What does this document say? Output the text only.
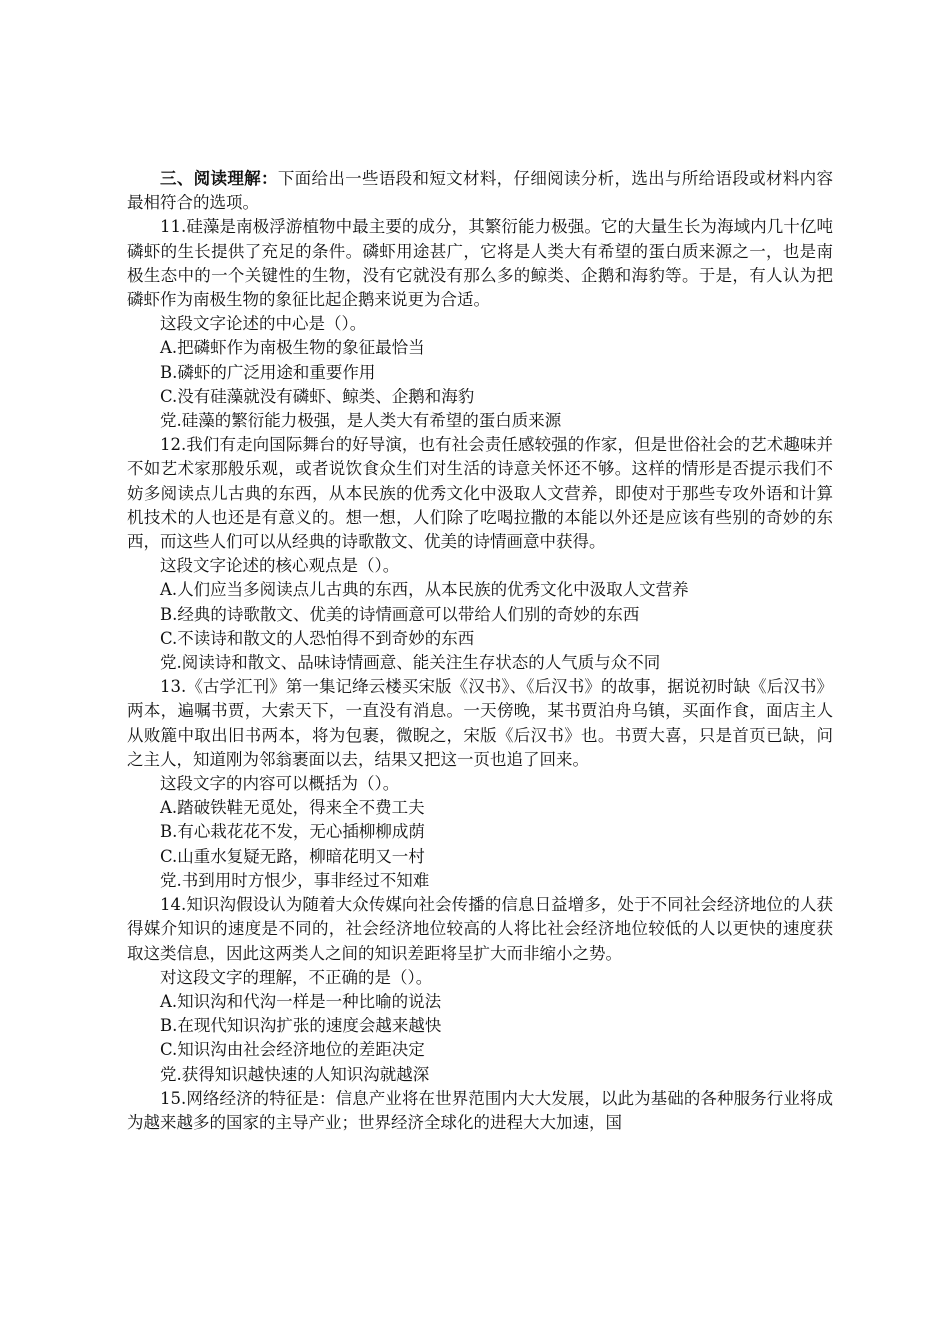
三、阅读理解：下面给出一些语段和短文材料，仔细阅读分析，选出与所给语段或材料内容最相符合的选项。

11.硅藻是南极浮游植物中最主要的成分，其繁衍能力极强。它的大量生长为海域内几十亿吨磷虾的生长提供了充足的条件。磷虾用途甚广，它将是人类大有希望的蛋白质来源之一，也是南极生态中的一个关键性的生物，没有它就没有那么多的鲸类、企鹅和海豹等。于是，有人认为把磷虾作为南极生物的象征比起企鹅来说更为合适。

这段文字论述的中心是（）。

A.把磷虾作为南极生物的象征最恰当

B.磷虾的广泛用途和重要作用

C.没有硅藻就没有磷虾、鲸类、企鹅和海豹

党.硅藻的繁衍能力极强，是人类大有希望的蛋白质来源

12.我们有走向国际舞台的好导演，也有社会责任感较强的作家，但是世俗社会的艺术趣味并不如艺术家那般乐观，或者说饮食众生们对生活的诗意关怀还不够。这样的情形是否提示我们不妨多阅读点儿古典的东西，从本民族的优秀文化中汲取人文营养，即使对于那些专攻外语和计算机技术的人也还是有意义的。想一想，人们除了吃喝拉撒的本能以外还是应该有些别的奇妙的东西，而这些人们可以从经典的诗歌散文、优美的诗情画意中获得。

这段文字论述的核心观点是（）。

A.人们应当多阅读点儿古典的东西，从本民族的优秀文化中汲取人文营养

B.经典的诗歌散文、优美的诗情画意可以带给人们别的奇妙的东西

C.不读诗和散文的人恐怕得不到奇妙的东西

党.阅读诗和散文、品味诗情画意、能关注生存状态的人气质与众不同

13.《古学汇刊》第一集记绛云楼买宋版《汉书》、《后汉书》的故事，据说初时缺《后汉书》两本，遍嘱书贾，大索天下，一直没有消息。一天傍晚，某书贾泊舟乌镇，买面作食，面店主人从败簏中取出旧书两本，将为包裹，微睨之，宋版《后汉书》也。书贾大喜，只是首页已缺，问之主人，知道刚为邻翁裹面以去，结果又把这一页也追了回来。

这段文字的内容可以概括为（）。

A.踏破铁鞋无觅处，得来全不费工夫

B.有心栽花花不发，无心插柳柳成荫

C.山重水复疑无路，柳暗花明又一村

党.书到用时方恨少，事非经过不知难

14.知识沟假设认为随着大众传媒向社会传播的信息日益增多，处于不同社会经济地位的人获得媒介知识的速度是不同的，社会经济地位较高的人将比社会经济地位较低的人以更快的速度获取这类信息，因此这两类人之间的知识差距将呈扩大而非缩小之势。

对这段文字的理解，不正确的是（）。

A.知识沟和代沟一样是一种比喻的说法

B.在现代知识沟扩张的速度会越来越快

C.知识沟由社会经济地位的差距决定

党.获得知识越快速的人知识沟就越深

15.网络经济的特征是：信息产业将在世界范围内大大发展，以此为基础的各种服务行业将成为越来越多的国家的主导产业；世界经济全球化的进程大大加速，国
